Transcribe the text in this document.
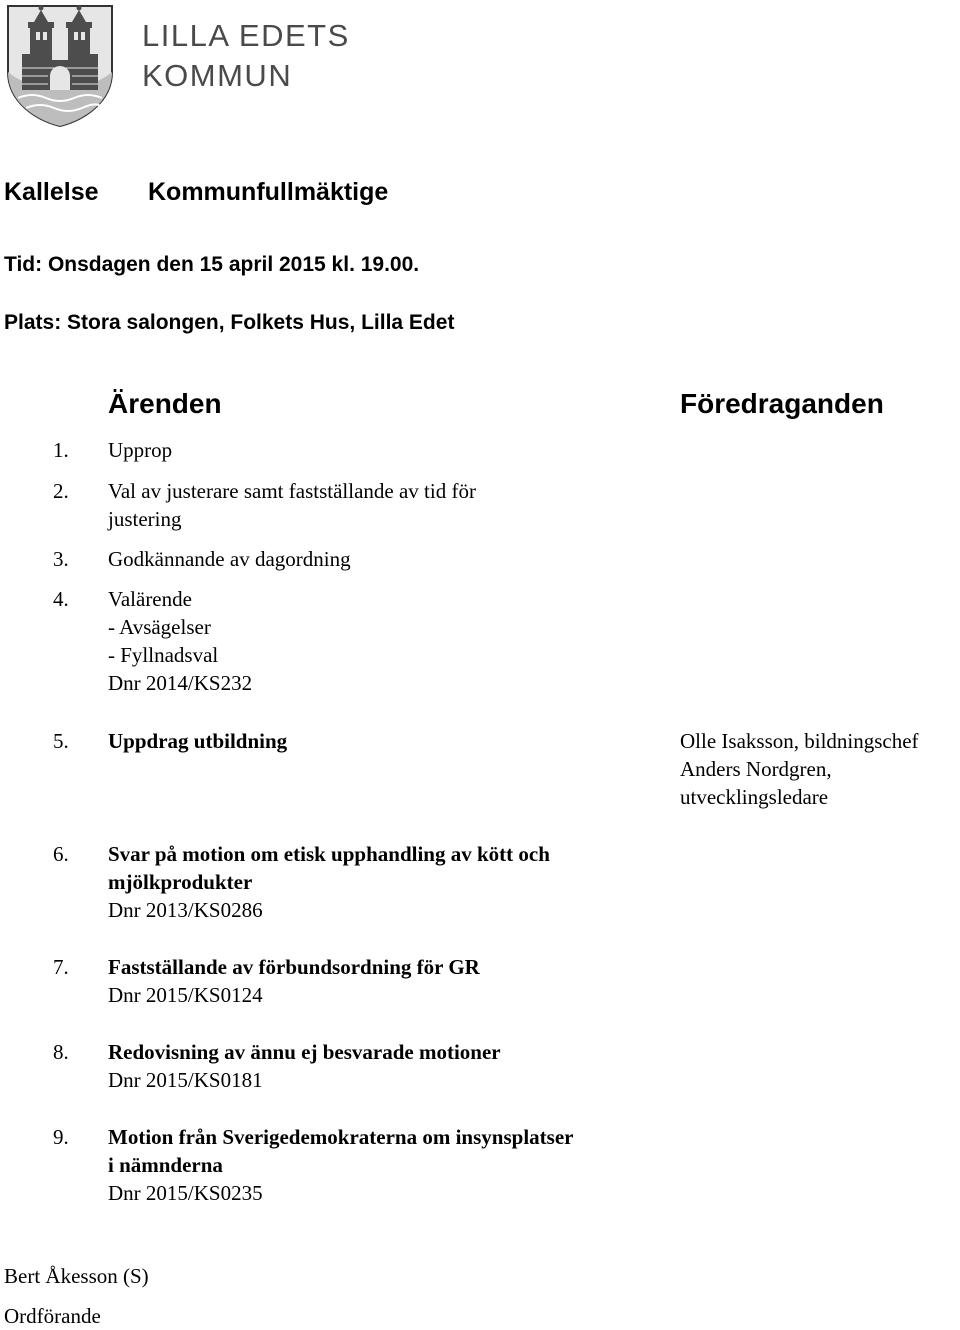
LILLA EDETS
KOMMUN
Kallelse Kommunfullmäktige
Tid: Onsdagen den 15 april 2015 kl. 19.00.
Plats: Stora salongen, Folkets Hus, Lilla Edet
Ärenden	Föredraganden
1.	Upprop
2.	Val av justerare samt fastställande av tid för
justering
3.	Godkännande av dagordning
4.	Valärende
- Avsägelser
- Fyllnadsval
Dnr 2014/KS232
5.	Uppdrag utbildning	Olle Isaksson, bildningschef
Anders Nordgren,
utvecklingsledare
6.	Svar på motion om etisk upphandling av kött och
mjölkprodukter
Dnr 2013/KS0286
7.	Fastställande av förbundsordning för GR
Dnr 2015/KS0124
8.	Redovisning av ännu ej besvarade motioner
Dnr 2015/KS0181
9.	Motion från Sverigedemokraterna om insynsplatser
i nämnderna
Dnr 2015/KS0235
Bert Åkesson (S)
Ordförande
